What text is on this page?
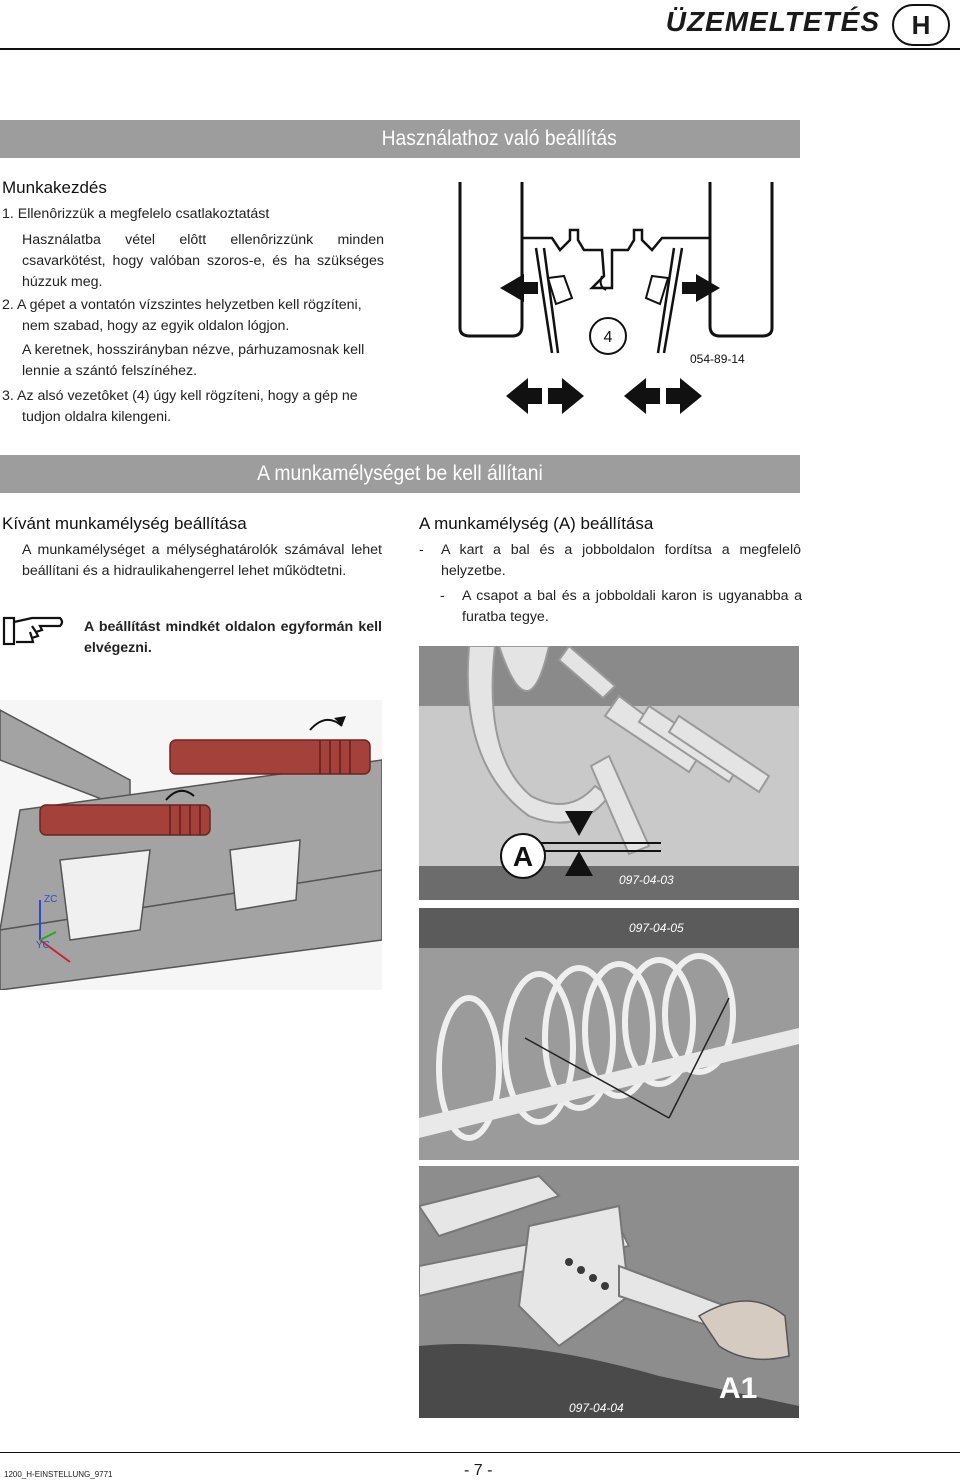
ÜZEMELTETÉS	H
Használathoz való beállítás
Munkakezdés

1. Ellenôrizzük a megfelelo csatlakoztatást

Használatba vétel elôtt ellenôrizzünk minden csavarkötést, hogy valóban szoros-e, és ha szükséges húzzuk meg.

2. A gépet a vontatón vízszintes helyzetben kell rögzíteni, nem szabad, hogy az egyik oldalon lógjon.

A keretnek, hosszirányban nézve, párhuzamosnak kell lennie a szántó felszínéhez.

3. Az alsó vezetôket (4) úgy kell rögzíteni, hogy a gép ne tudjon oldalra kilengeni.

4
054-89-14
A munkamélységet be kell állítani
Kívánt munkamélység beállítása
A munkamélységet a mélységhatárolók számával lehet beállítani és a hidraulikahengerrel lehet működtetni.
A beállítást mindkét oldalon egyformán kell elvégezni.
A munkamélység (A) beállítása
-	A kart a bal és a jobboldalon fordítsa a megfelelô helyzetbe.
-	A csapot a bal és a jobboldali karon is ugyanabba a furatba tegye.
A
097-04-03
097-04-05
A1
097-04-04
ZC
YC
1200_H-EINSTELLUNG_9771	- 7 -
